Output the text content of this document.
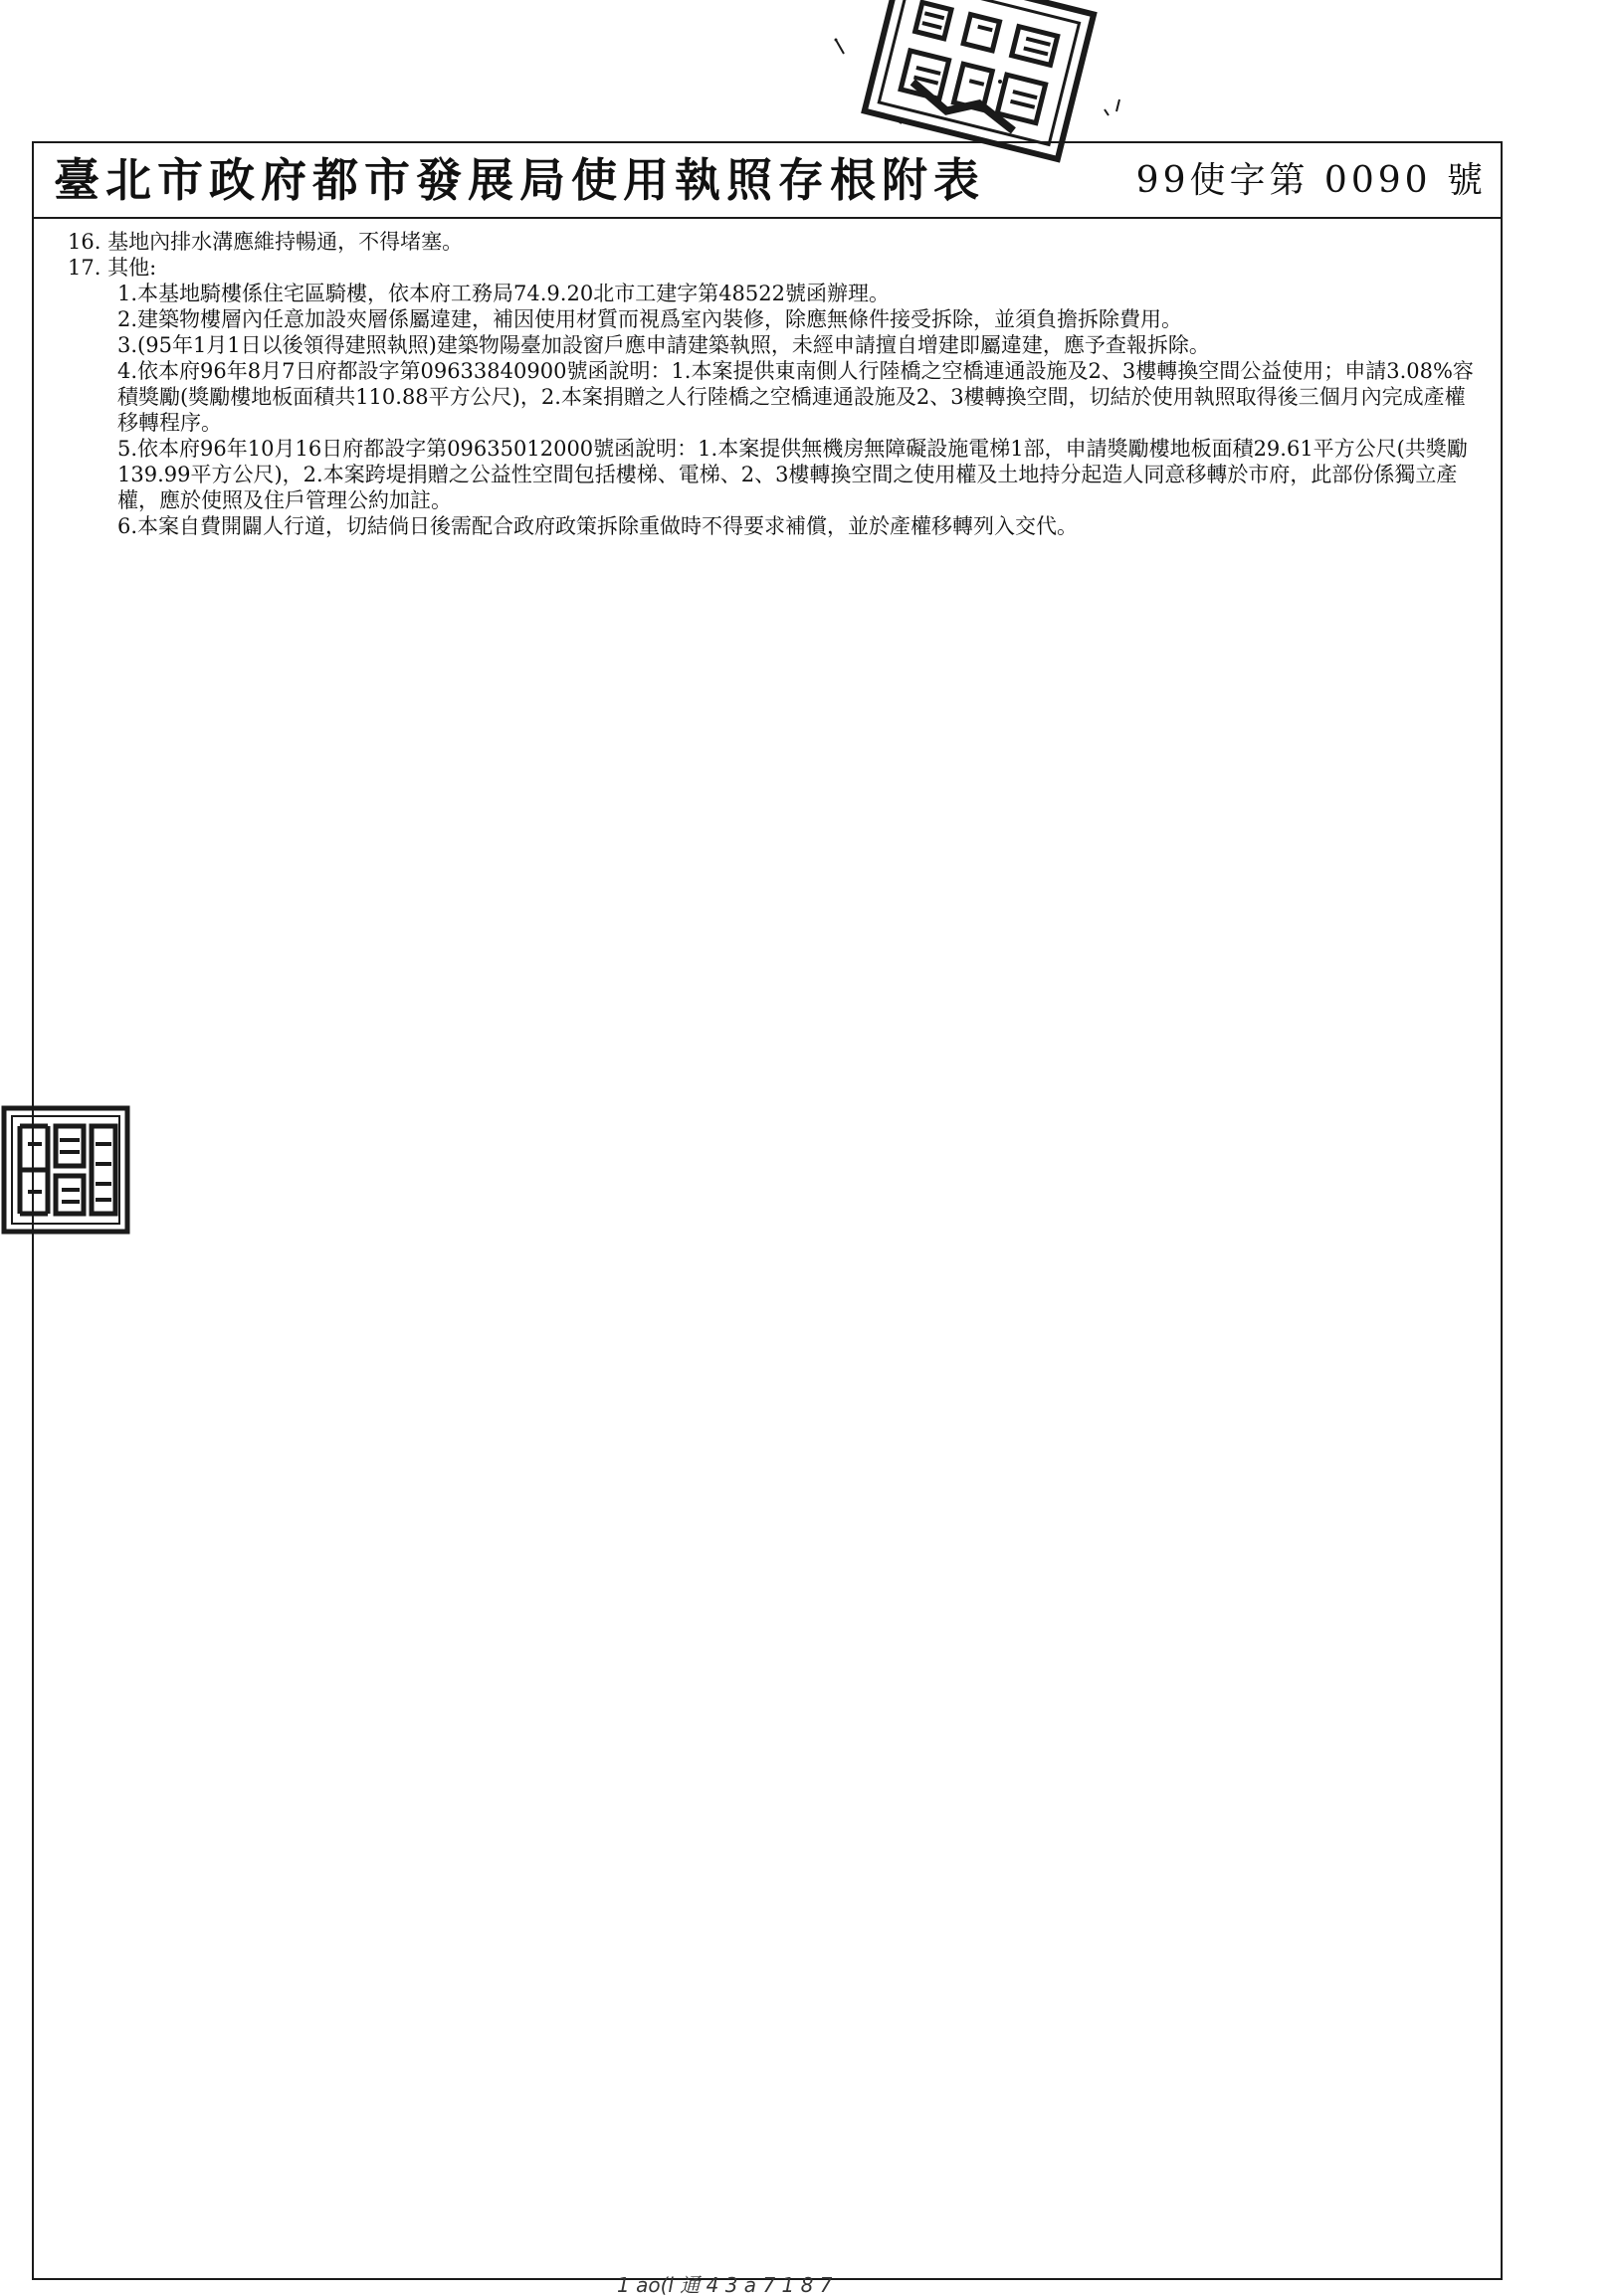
臺北市政府都市發展局使用執照存根附表	99使字第 0090 號
16. 基地內排水溝應維持暢通，不得堵塞。
17. 其他:
1.本基地騎樓係住宅區騎樓，依本府工務局74.9.20北市工建字第48522號函辦理。
2.建築物樓層內任意加設夾層係屬違建，補因使用材質而視爲室內裝修，除應無條件接受拆除，並須負擔拆除費用。
3.(95年1月1日以後領得建照執照)建築物陽臺加設窗戶應申請建築執照，未經申請擅自增建即屬違建，應予查報拆除。
4.依本府96年8月7日府都設字第09633840900號函說明：1.本案提供東南側人行陸橋之空橋連通設施及2、3樓轉換空間公益使用；申請3.08%容積獎勵(獎勵樓地板面積共110.88平方公尺)，2.本案捐贈之人行陸橋之空橋連通設施及2、3樓轉換空間，切結於使用執照取得後三個月內完成產權移轉程序。
5.依本府96年10月16日府都設字第09635012000號函說明：1.本案提供無機房無障礙設施電梯1部，申請獎勵樓地板面積29.61平方公尺(共獎勵139.99平方公尺)，2.本案跨堤捐贈之公益性空間包括樓梯、電梯、2、3樓轉換空間之使用權及土地持分起造人同意移轉於市府，此部份係獨立產權，應於使照及住戶管理公約加註。
6.本案自費開闢人行道，切結倘日後需配合政府政策拆除重做時不得要求補償，並於產權移轉列入交代。
1 ao(l 通 4 3 a 7 1 8 7
